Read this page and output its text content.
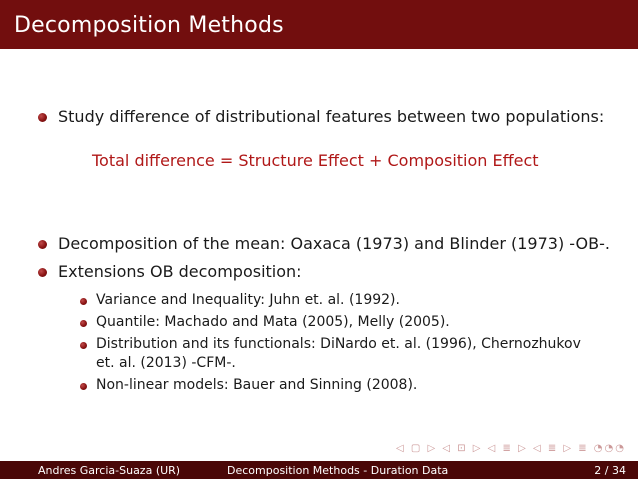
Decomposition Methods
Study difference of distributional features between two populations:
Total difference = Structure Effect + Composition Effect
Decomposition of the mean: Oaxaca (1973) and Blinder (1973) -OB-.
Extensions OB decomposition:
Variance and Inequality: Juhn et. al. (1992).
Quantile: Machado and Mata (2005), Melly (2005).
Distribution and its functionals: DiNardo et. al. (1996), Chernozhukov
et. al. (2013) -CFM-.
Non-linear models: Bauer and Sinning (2008).
◁ ▢ ▷ ◁ ⊡ ▷ ◁ ≣ ▷ ◁ ≣ ▷ ≣ ◔◔◔
Andres Garcia-Suaza (UR)	Decomposition Methods - Duration Data	2 / 34
